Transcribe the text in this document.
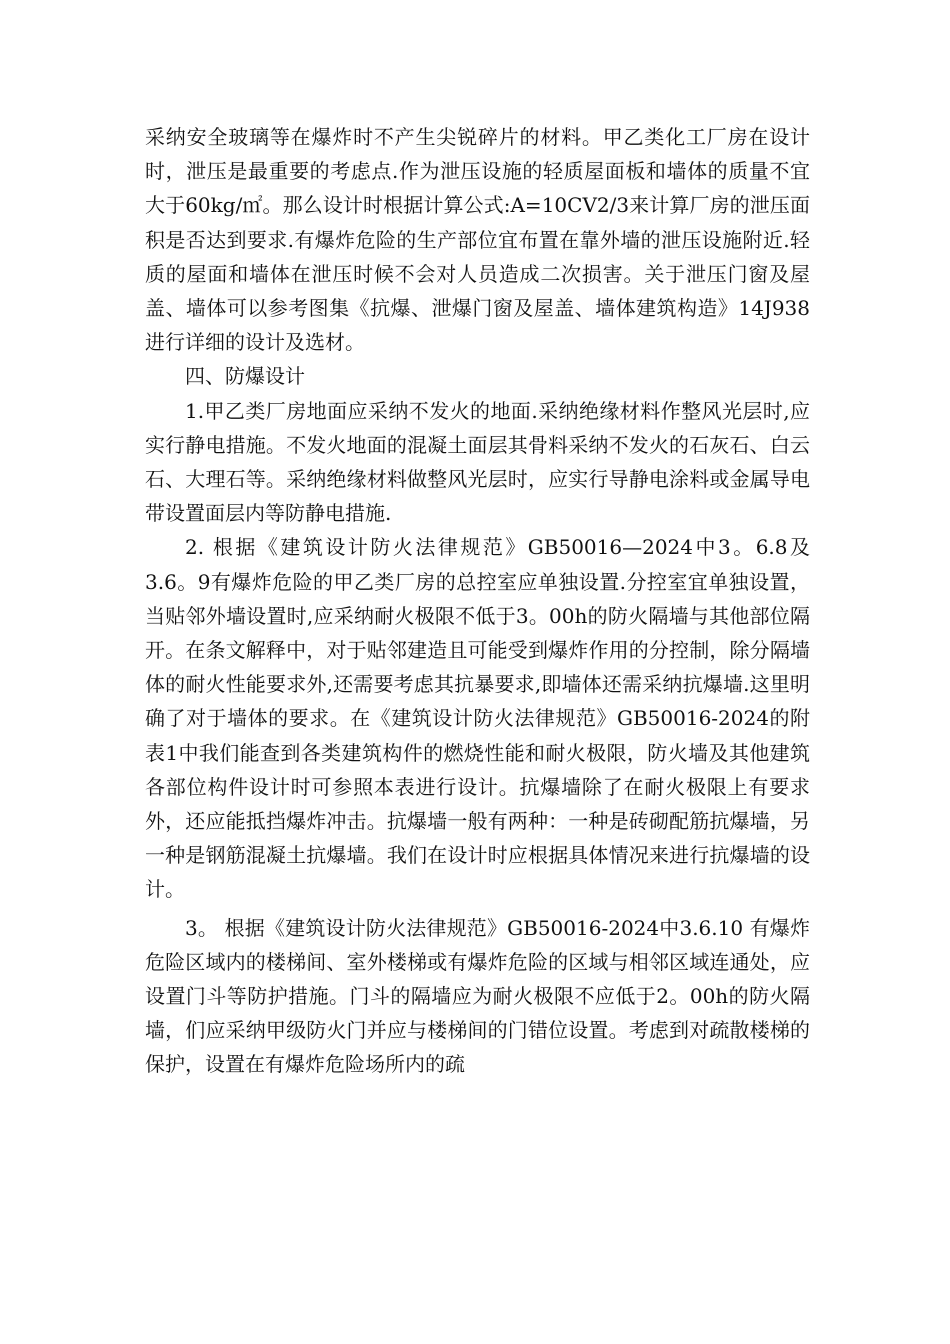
采纳安全玻璃等在爆炸时不产生尖锐碎片的材料。甲乙类化工厂房在设计时，泄压是最重要的考虑点.作为泄压设施的轻质屋面板和墙体的质量不宜大于60kg/㎡。那么设计时根据计算公式:A=10CV2/3来计算厂房的泄压面积是否达到要求.有爆炸危险的生产部位宜布置在靠外墙的泄压设施附近.轻质的屋面和墙体在泄压时候不会对人员造成二次损害。关于泄压门窗及屋盖、墙体可以参考图集《抗爆、泄爆门窗及屋盖、墙体建筑构造》14J938进行详细的设计及选材。

四、防爆设计

1.甲乙类厂房地面应采纳不发火的地面.采纳绝缘材料作整风光层时,应实行静电措施。不发火地面的混凝土面层其骨料采纳不发火的石灰石、白云石、大理石等。采纳绝缘材料做整风光层时，应实行导静电涂料或金属导电带设置面层内等防静电措施.

2. 根据《建筑设计防火法律规范》GB50016—2024中3。6.8及3.6。9有爆炸危险的甲乙类厂房的总控室应单独设置.分控室宜单独设置，当贴邻外墙设置时,应采纳耐火极限不低于3。00h的防火隔墙与其他部位隔开。在条文解释中，对于贴邻建造且可能受到爆炸作用的分控制，除分隔墙体的耐火性能要求外,还需要考虑其抗暴要求,即墙体还需采纳抗爆墙.这里明确了对于墙体的要求。在《建筑设计防火法律规范》GB50016-2024的附表1中我们能查到各类建筑构件的燃烧性能和耐火极限，防火墙及其他建筑各部位构件设计时可参照本表进行设计。抗爆墙除了在耐火极限上有要求外，还应能抵挡爆炸冲击。抗爆墙一般有两种：一种是砖砌配筋抗爆墙，另一种是钢筋混凝土抗爆墙。我们在设计时应根据具体情况来进行抗爆墙的设计。

3。 根据《建筑设计防火法律规范》GB50016-2024中3.6.10 有爆炸危险区域内的楼梯间、室外楼梯或有爆炸危险的区域与相邻区域连通处，应设置门斗等防护措施。门斗的隔墙应为耐火极限不应低于2。00h的防火隔墙，们应采纳甲级防火门并应与楼梯间的门错位设置。考虑到对疏散楼梯的保护，设置在有爆炸危险场所内的疏
